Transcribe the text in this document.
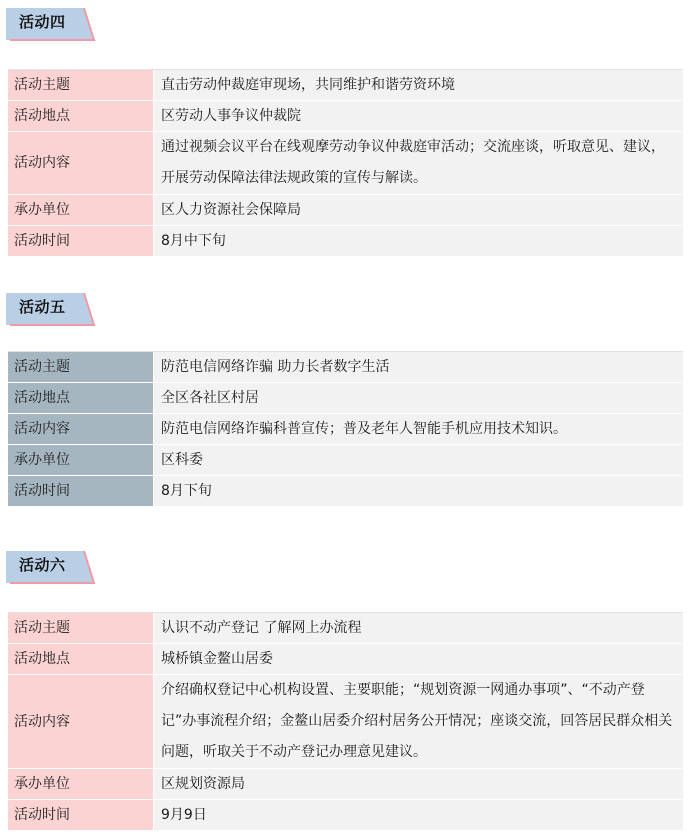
活动四
活动主题	直击劳动仲裁庭审现场，共同维护和谐劳资环境
活动地点	区劳动人事争议仲裁院
活动内容	通过视频会议平台在线观摩劳动争议仲裁庭审活动；交流座谈，听取意见、建议，开展劳动保障法律法规政策的宣传与解读。
承办单位	区人力资源社会保障局
活动时间	8月中下旬
活动五
活动主题	防范电信网络诈骗 助力长者数字生活
活动地点	全区各社区村居
活动内容	防范电信网络诈骗科普宣传；普及老年人智能手机应用技术知识。
承办单位	区科委
活动时间	8月下旬
活动六
活动主题	认识不动产登记 了解网上办流程
活动地点	城桥镇金鳌山居委
活动内容	介绍确权登记中心机构设置、主要职能；“规划资源一网通办事项”、“不动产登记”办事流程介绍；金鳌山居委介绍村居务公开情况；座谈交流，回答居民群众相关问题，听取关于不动产登记办理意见建议。
承办单位	区规划资源局
活动时间	9月9日
